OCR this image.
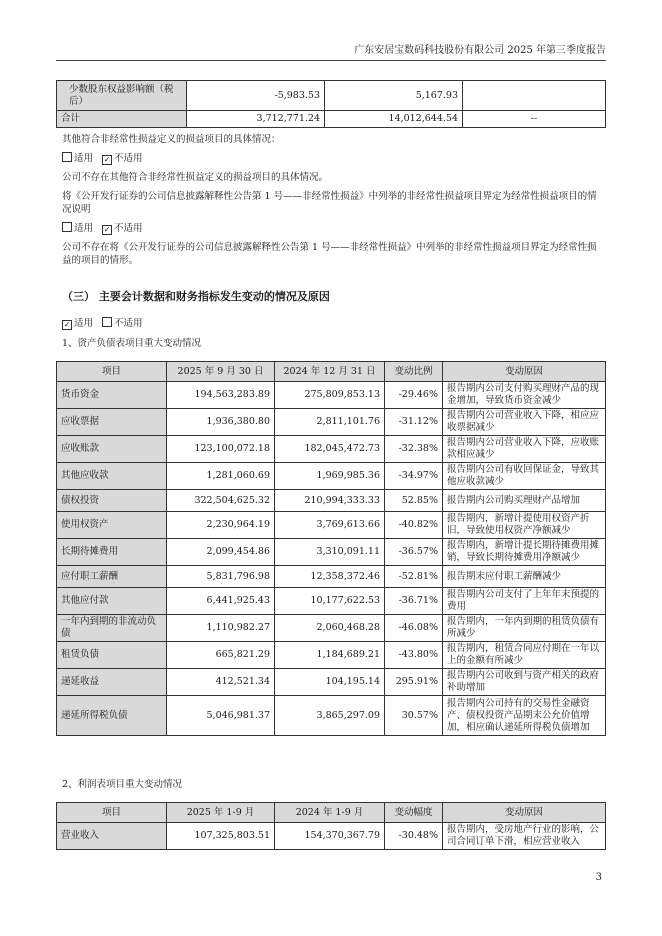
广东安居宝数码科技股份有限公司 2025 年第三季度报告
少数股东权益影响额（税后）	-5,983.53	5,167.93	
合计	3,712,771.24	14,012,644.54	--
其他符合非经常性损益定义的损益项目的具体情况：
适用 ✓ 不适用
公司不存在其他符合非经常性损益定义的损益项目的具体情况。
将《公开发行证券的公司信息披露解释性公告第 1 号——非经常性损益》中列举的非经常性损益项目界定为经常性损益项目的情况说明
适用 ✓ 不适用
公司不存在将《公开发行证券的公司信息披露解释性公告第 1 号——非经常性损益》中列举的非经常性损益项目界定为经常性损益的项目的情形。
（三） 主要会计数据和财务指标发生变动的情况及原因
✓ 适用 不适用
1、资产负债表项目重大变动情况
项目	2025 年 9 月 30 日	2024 年 12 月 31 日	变动比例	变动原因
货币资金	194,563,283.89	275,809,853.13	-29.46%	报告期内公司支付购买理财产品的现金增加，导致货币资金减少
应收票据	1,936,380.80	2,811,101.76	-31.12%	报告期内公司营业收入下降，相应应收票据减少
应收账款	123,100,072.18	182,045,472.73	-32.38%	报告期内公司营业收入下降，应收账款相应减少
其他应收款	1,281,060.69	1,969,985.36	-34.97%	报告期内公司有收回保证金，导致其他应收款减少
债权投资	322,504,625.32	210,994,333.33	52.85%	报告期内公司购买理财产品增加
使用权资产	2,230,964.19	3,769,613.66	-40.82%	报告期内，新增计提使用权资产折旧，导致使用权资产净额减少
长期待摊费用	2,099,454.86	3,310,091.11	-36.57%	报告期内，新增计提长期待摊费用摊销，导致长期待摊费用净额减少
应付职工薪酬	5,831,796.98	12,358,372.46	-52.81%	报告期末应付职工薪酬减少
其他应付款	6,441,925.43	10,177,622.53	-36.71%	报告期内公司支付了上年年末预提的费用
一年内到期的非流动负债	1,110,982.27	2,060,468.28	-46.08%	报告期内，一年内到期的租赁负债有所减少
租赁负债	665,821.29	1,184,689.21	-43.80%	报告期内，租赁合同应付期在一年以上的金额有所减少
递延收益	412,521.34	104,195.14	295.91%	报告期内公司收到与资产相关的政府补助增加
递延所得税负债	5,046,981.37	3,865,297.09	30.57%	报告期内公司持有的交易性金融资产、债权投资产品期末公允价值增加，相应确认递延所得税负债增加
2、利润表项目重大变动情况
项目	2025 年 1-9 月	2024 年 1-9 月	变动幅度	变动原因
营业收入	107,325,803.51	154,370,367.79	-30.48%	报告期内，受房地产行业的影响，公司合同订单下滑，相应营业收入
3
